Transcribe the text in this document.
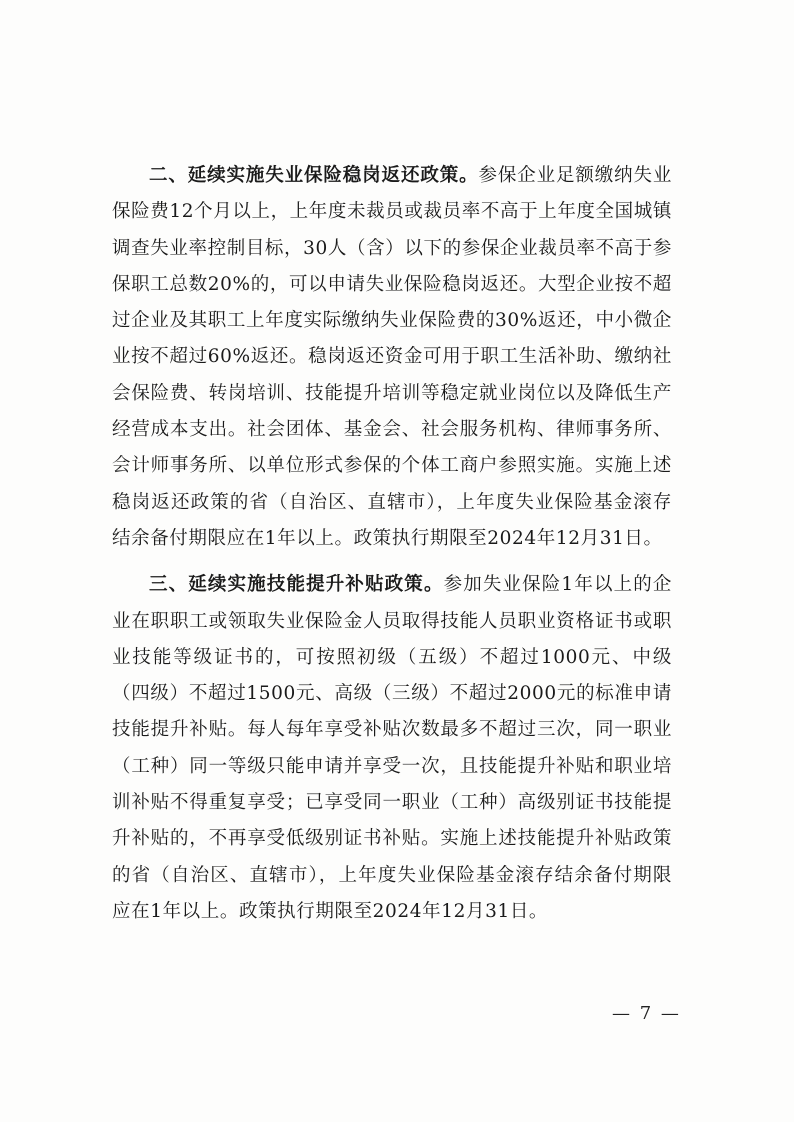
二、延续实施失业保险稳岗返还政策。参保企业足额缴纳失业保险费12个月以上，上年度未裁员或裁员率不高于上年度全国城镇调查失业率控制目标，30人（含）以下的参保企业裁员率不高于参保职工总数20%的，可以申请失业保险稳岗返还。大型企业按不超过企业及其职工上年度实际缴纳失业保险费的30%返还，中小微企业按不超过60%返还。稳岗返还资金可用于职工生活补助、缴纳社会保险费、转岗培训、技能提升培训等稳定就业岗位以及降低生产经营成本支出。社会团体、基金会、社会服务机构、律师事务所、会计师事务所、以单位形式参保的个体工商户参照实施。实施上述稳岗返还政策的省（自治区、直辖市），上年度失业保险基金滚存结余备付期限应在1年以上。政策执行期限至2024年12月31日。

三、延续实施技能提升补贴政策。参加失业保险1年以上的企业在职职工或领取失业保险金人员取得技能人员职业资格证书或职业技能等级证书的，可按照初级（五级）不超过1000元、中级（四级）不超过1500元、高级（三级）不超过2000元的标准申请技能提升补贴。每人每年享受补贴次数最多不超过三次，同一职业（工种）同一等级只能申请并享受一次，且技能提升补贴和职业培训补贴不得重复享受；已享受同一职业（工种）高级别证书技能提升补贴的，不再享受低级别证书补贴。实施上述技能提升补贴政策的省（自治区、直辖市），上年度失业保险基金滚存结余备付期限应在1年以上。政策执行期限至2024年12月31日。

— 7 —
